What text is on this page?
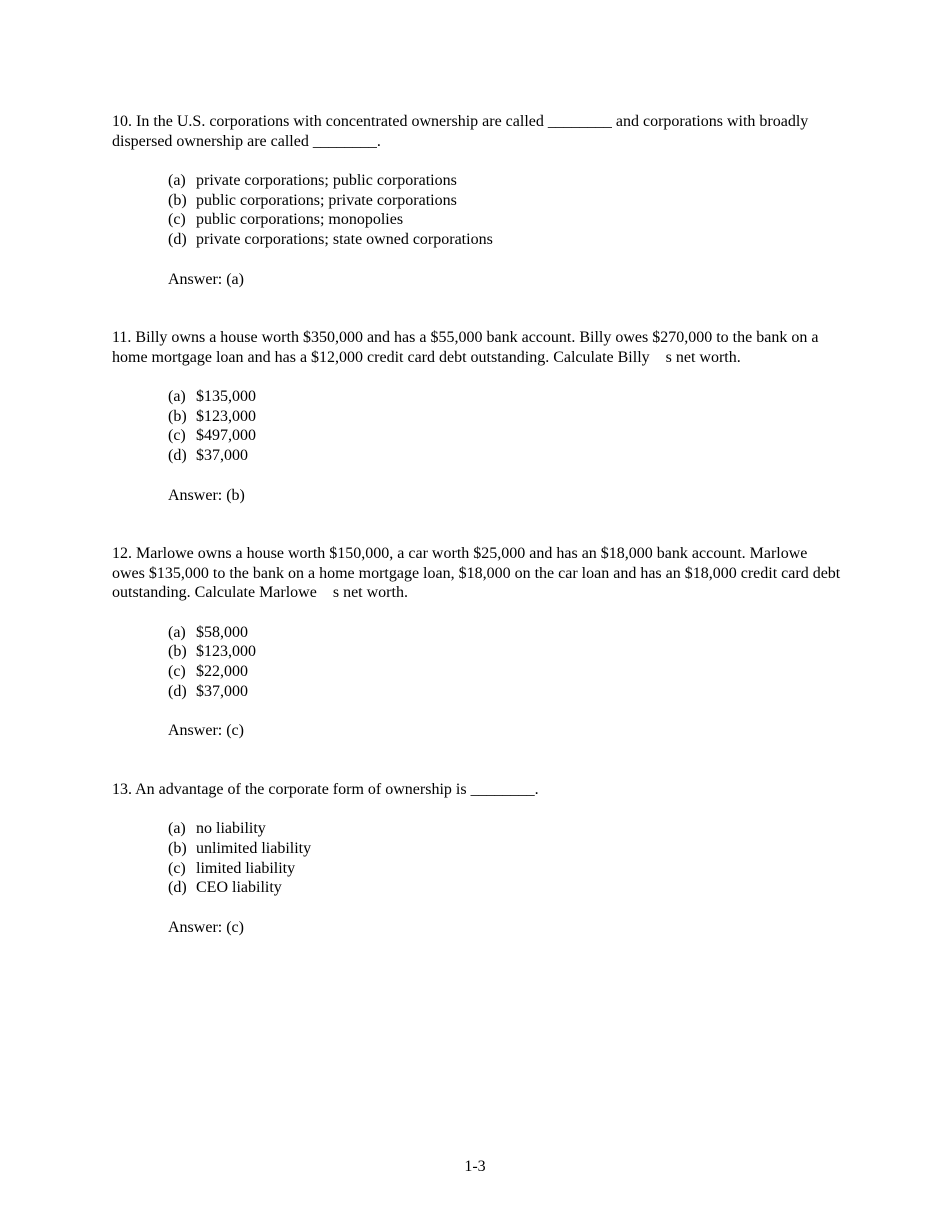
10. In the U.S. corporations with concentrated ownership are called ________ and corporations with broadly dispersed ownership are called ________.

(a) private corporations; public corporations
(b) public corporations; private corporations
(c) public corporations; monopolies
(d) private corporations; state owned corporations

Answer: (a)

11. Billy owns a house worth $350,000 and has a $55,000 bank account. Billy owes $270,000 to the bank on a home mortgage loan and has a $12,000 credit card debt outstanding. Calculate Billy    s net worth.

(a) $135,000
(b) $123,000
(c) $497,000
(d) $37,000

Answer: (b)

12. Marlowe owns a house worth $150,000, a car worth $25,000 and has an $18,000 bank account. Marlowe owes $135,000 to the bank on a home mortgage loan, $18,000 on the car loan and has an $18,000 credit card debt outstanding. Calculate Marlowe    s net worth.

(a) $58,000
(b) $123,000
(c) $22,000
(d) $37,000

Answer: (c)

13. An advantage of the corporate form of ownership is ________.

(a) no liability
(b) unlimited liability
(c) limited liability
(d) CEO liability

Answer: (c)

1-3
